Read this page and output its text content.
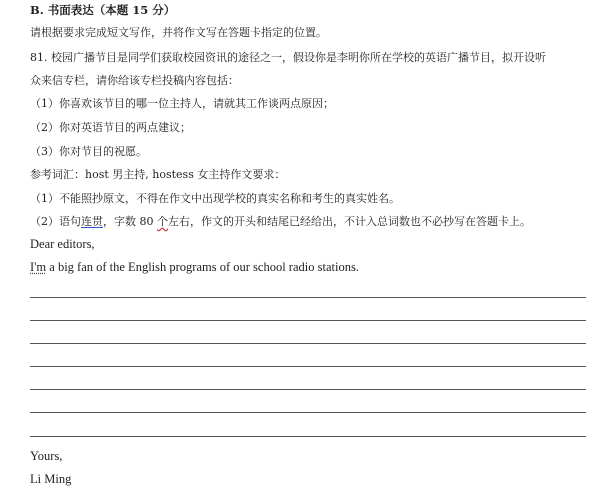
B. 书面表达（本题 15 分）
请根据要求完成短文写作，并将作文写在答题卡指定的位置。
81. 校园广播节目是同学们获取校园资讯的途径之一，假设你是李明你所在学校的英语广播节目，拟开设听
众来信专栏，请你给该专栏投稿内容包括：
（1）你喜欢该节目的哪一位主持人，请就其工作谈两点原因；
（2）你对英语节目的两点建议；
（3）你对节目的祝愿。
参考词汇：host 男主持, hostess 女主持作文要求：
（1）不能照抄原文，不得在作文中出现学校的真实名称和考生的真实姓名。
（2）语句连贯，字数 80 个左右，作文的开头和结尾已经给出，不计入总词数也不必抄写在答题卡上。
Dear editors,
I'm a big fan of the English programs of our school radio stations.
Yours,
Li Ming
